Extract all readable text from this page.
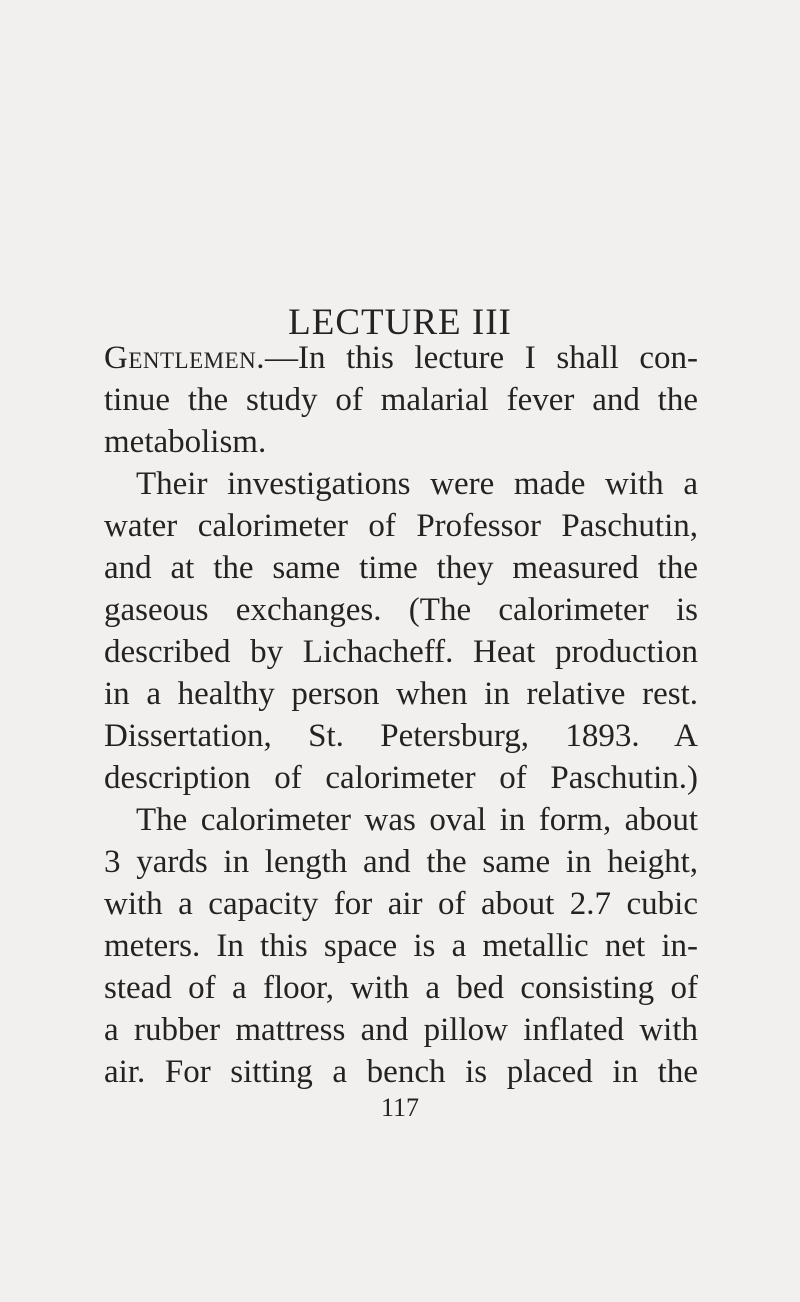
LECTURE III
Gentlemen.—In this lecture I shall con-
tinue the study of malarial fever and the
metabolism.
Their investigations were made with a
water calorimeter of Professor Paschutin,
and at the same time they measured the
gaseous exchanges. (The calorimeter is
described by Lichacheff. Heat production
in a healthy person when in relative rest.
Dissertation, St. Petersburg, 1893. A
description of calorimeter of Paschutin.)
The calorimeter was oval in form, about
3 yards in length and the same in height,
with a capacity for air of about 2.7 cubic
meters. In this space is a metallic net in-
stead of a floor, with a bed consisting of
a rubber mattress and pillow inflated with
air. For sitting a bench is placed in the
117
